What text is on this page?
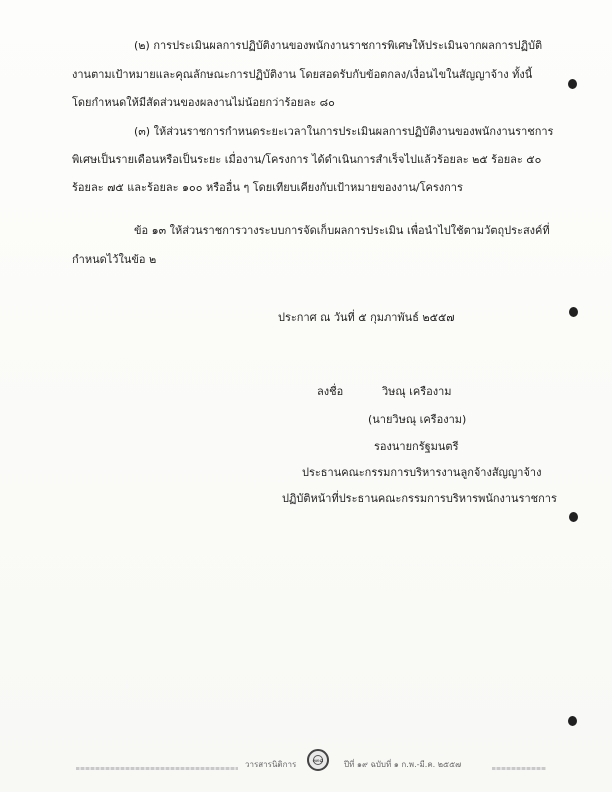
(๒) การประเมินผลการปฏิบัติงานของพนักงานราชการพิเศษให้ประเมินจากผลการปฏิบัติ
งานตามเป้าหมายและคุณลักษณะการปฏิบัติงาน โดยสอดรับกับข้อตกลง/เงื่อนไขในสัญญาจ้าง ทั้งนี้
โดยกำหนดให้มีสัดส่วนของผลงานไม่น้อยกว่าร้อยละ ๘๐
(๓) ให้ส่วนราชการกำหนดระยะเวลาในการประเมินผลการปฏิบัติงานของพนักงานราชการ
พิเศษเป็นรายเดือนหรือเป็นระยะ เมื่องาน/โครงการ ได้ดำเนินการสำเร็จไปแล้วร้อยละ ๒๕ ร้อยละ ๕๐
ร้อยละ ๗๕ และร้อยละ ๑๐๐ หรืออื่น ๆ โดยเทียบเคียงกับเป้าหมายของงาน/โครงการ
ข้อ ๑๓ ให้ส่วนราชการวางระบบการจัดเก็บผลการประเมิน เพื่อนำไปใช้ตามวัตถุประสงค์ที่
กำหนดไว้ในข้อ ๒
ประกาศ ณ วันที่ ๕ กุมภาพันธ์ ๒๕๕๗
ลงชื่อ	วิษณุ เครืองาม
(นายวิษณุ เครืองาม)
รองนายกรัฐมนตรี
ประธานคณะกรรมการบริหารงานลูกจ้างสัญญาจ้าง
ปฏิบัติหน้าที่ประธานคณะกรรมการบริหารพนักงานราชการ
วารสารนิติการ	๓๓๘	ปีที่ ๑๙ ฉบับที่ ๑ ก.พ.-มี.ค. ๒๕๕๗
